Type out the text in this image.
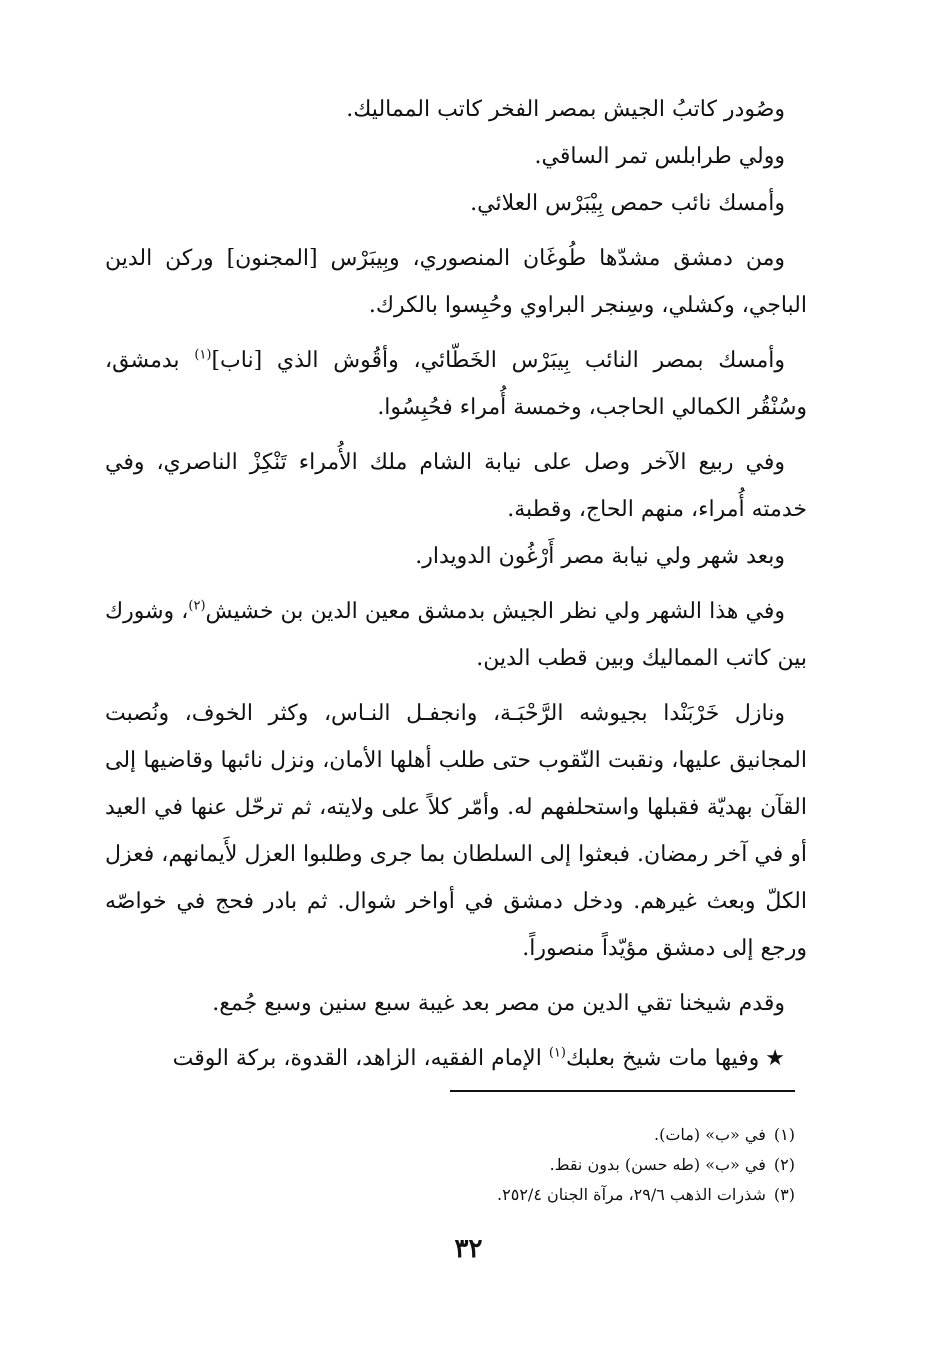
وصُودر كاتبُ الجيش بمصر الفخر كاتب المماليك.

وولي طرابلس تمر الساقي.

وأمسك نائب حمص بِيْبَرْس العلائي.

ومن دمشق مشدّها طُوغَان المنصوري، وبِيبَرْس [المجنون] وركن الدين الباجي، وكشلي، وسِنجر البراوي وحُبِسوا بالكرك.

وأمسك بمصر النائب بِيبَرْس الخَطّائي، وأقُوش الذي [ناب]$^{(١)}$ بدمشق، وسُنْقُر الكمالي الحاجب، وخمسة أُمراء فحُبِسُوا.

وفي ربيع الآخر وصل على نيابة الشام ملك الأُمراء تَنْكِزْ الناصري، وفي خدمته أُمراء، منهم الحاج، وقطبة.

وبعد شهر ولي نيابة مصر أَرْغُون الدويدار.

وفي هذا الشهر ولي نظر الجيش بدمشق معين الدين بن خشيش$^{(٢)}$، وشورك بين كاتب المماليك وبين قطب الدين.

ونازل خَرْبَنْدا بجيوشه الرَّحْبَـة، وانجفـل النـاس، وكثر الخوف، ونُصبت المجانيق عليها، ونقبت النّقوب حتى طلب أهلها الأمان، ونزل نائبها وقاضيها إلى القآن بهديّة فقبلها واستحلفهم له. وأمّر كلاً على ولايته، ثم ترحّل عنها في العيد أو في آخر رمضان. فبعثوا إلى السلطان بما جرى وطلبوا العزل لأَيمانهم، فعزل الكلّ وبعث غيرهم. ودخل دمشق في أواخر شوال. ثم بادر فحج في خواصّه ورجع إلى دمشق مؤيّداً منصوراً.

وقدم شيخنا تقي الدين من مصر بعد غيبة سبع سنين وسبع جُمع.

★وفيها مات شيخ بعلبك$^{(١)}$ الإمام الفقيه، الزاهد، القدوة، بركة الوقت

(١)في «ب» (مات).
(٢)في «ب» (طه حسن) بدون نقط.
(٣)شذرات الذهب ٢٩/٦، مرآة الجنان ٢٥٢/٤.
٣٢
